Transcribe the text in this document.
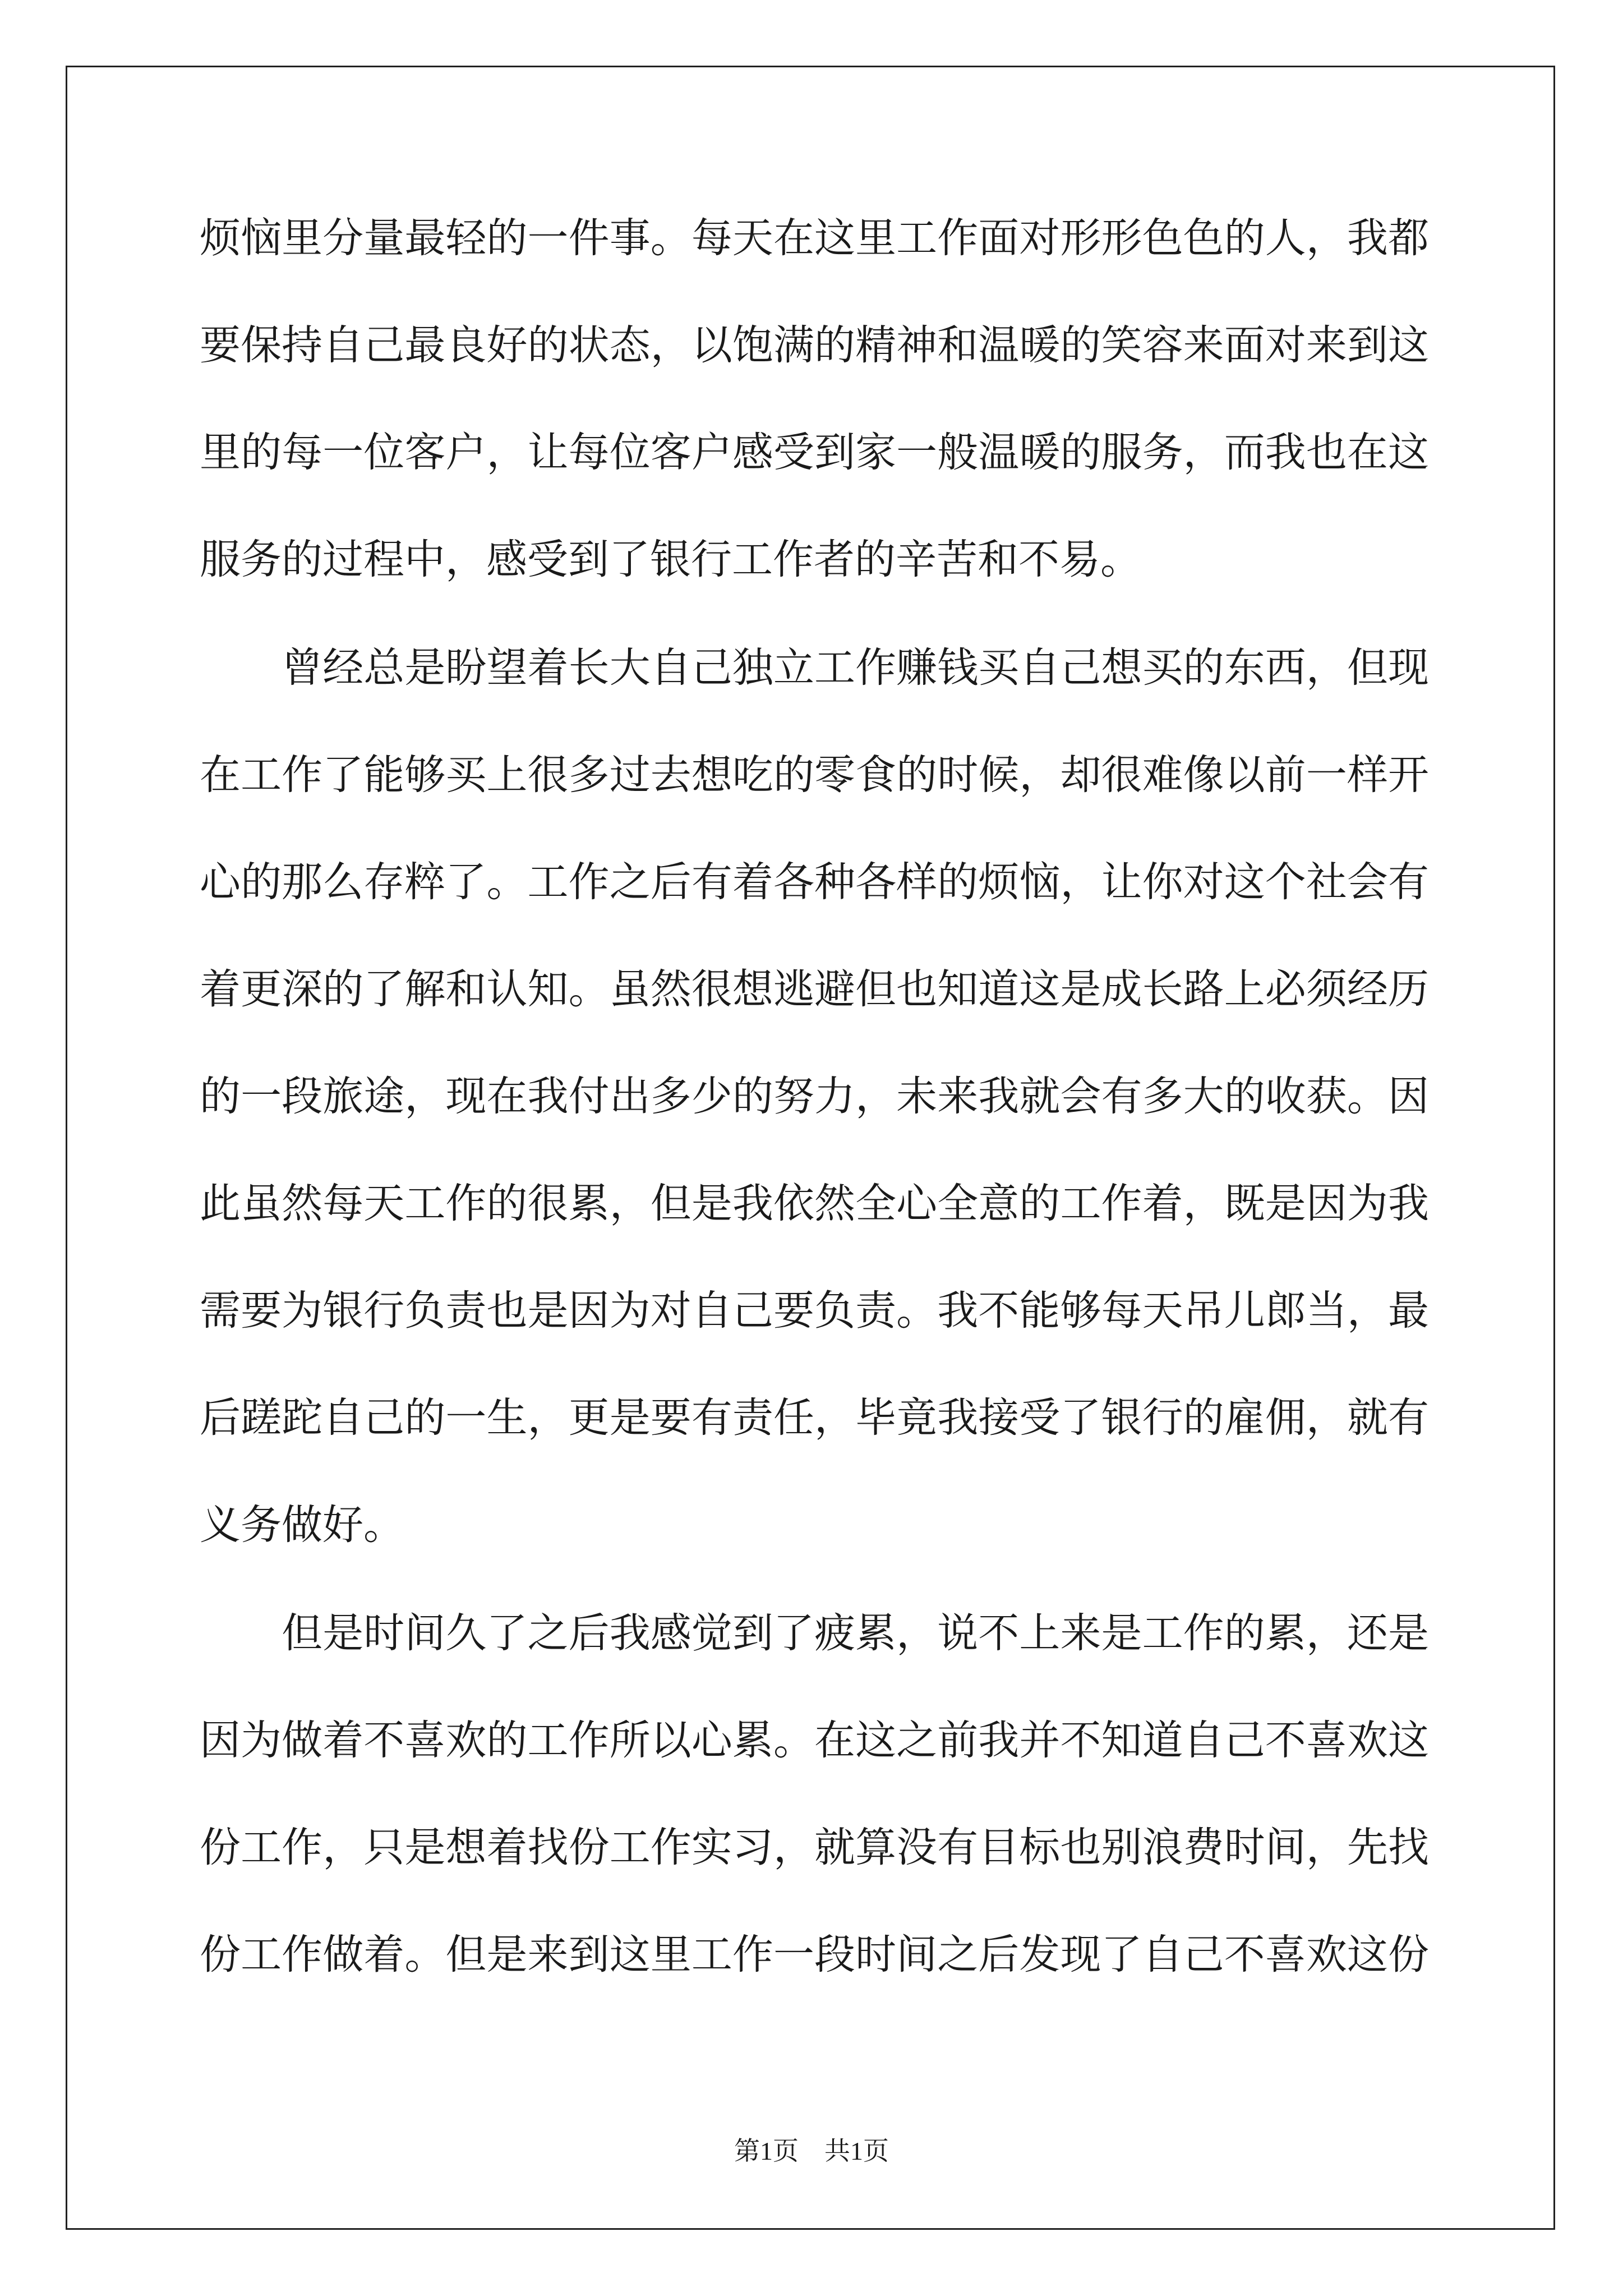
烦恼里分量最轻的一件事。每天在这里工作面对形形色色的人，我都
要保持自己最良好的状态，以饱满的精神和温暖的笑容来面对来到这
里的每一位客户，让每位客户感受到家一般温暖的服务，而我也在这
服务的过程中，感受到了银行工作者的辛苦和不易。
　　曾经总是盼望着长大自己独立工作赚钱买自己想买的东西，但现
在工作了能够买上很多过去想吃的零食的时候，却很难像以前一样开
心的那么存粹了。工作之后有着各种各样的烦恼，让你对这个社会有
着更深的了解和认知。虽然很想逃避但也知道这是成长路上必须经历
的一段旅途，现在我付出多少的努力，未来我就会有多大的收获。因
此虽然每天工作的很累，但是我依然全心全意的工作着，既是因为我
需要为银行负责也是因为对自己要负责。我不能够每天吊儿郎当，最
后蹉跎自己的一生，更是要有责任，毕竟我接受了银行的雇佣，就有
义务做好。
　　但是时间久了之后我感觉到了疲累，说不上来是工作的累，还是
因为做着不喜欢的工作所以心累。在这之前我并不知道自己不喜欢这
份工作，只是想着找份工作实习，就算没有目标也别浪费时间，先找
份工作做着。但是来到这里工作一段时间之后发现了自己不喜欢这份
第1页 共1页
